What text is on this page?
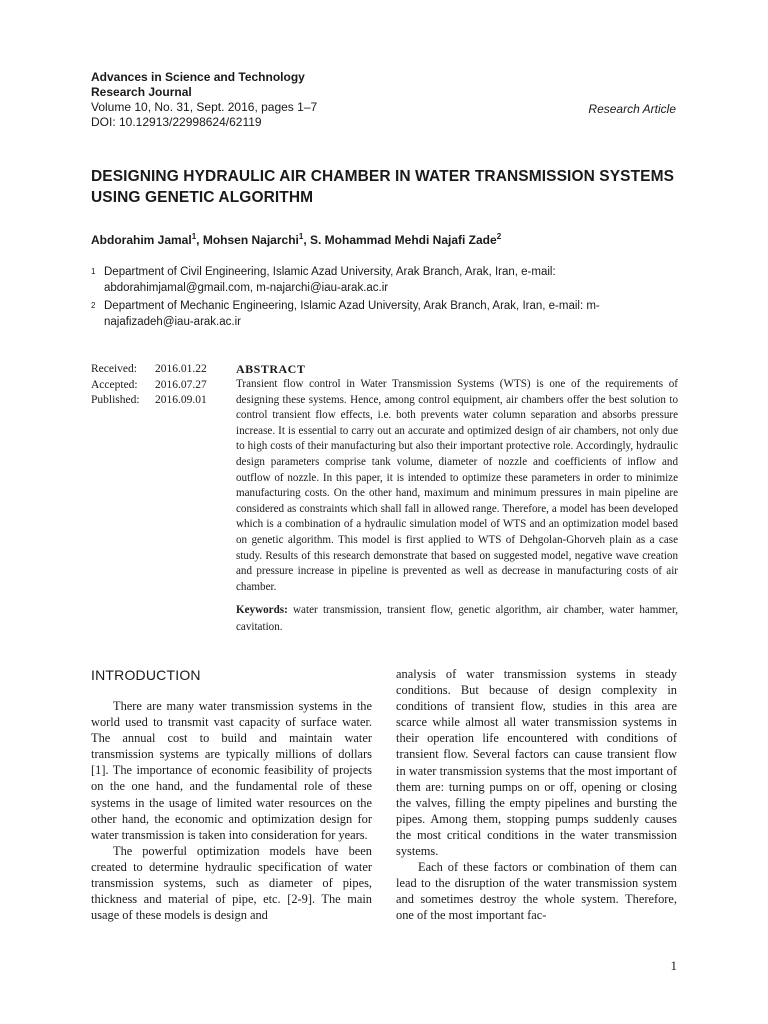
Advances in Science and Technology
Research Journal
Volume 10, No. 31, Sept. 2016, pages 1–7
DOI: 10.12913/22998624/62119
Research Article
DESIGNING HYDRAULIC AIR CHAMBER IN WATER TRANSMISSION SYSTEMS USING GENETIC ALGORITHM
Abdorahim Jamal$^1$, Mohsen Najarchi$^1$, S. Mohammad Mehdi Najafi Zade$^2$
1 Department of Civil Engineering, Islamic Azad University, Arak Branch, Arak, Iran, e-mail: abdorahimjamal@gmail.com, m-najarchi@iau-arak.ac.ir
2 Department of Mechanic Engineering, Islamic Azad University, Arak Branch, Arak, Iran, e-mail: m-najafizadeh@iau-arak.ac.ir
Received:	2016.01.22
Accepted:	2016.07.27
Published:	2016.09.01
ABSTRACT

Transient flow control in Water Transmission Systems (WTS) is one of the requirements of designing these systems. Hence, among control equipment, air chambers offer the best solution to control transient flow effects, i.e. both prevents water column separation and absorbs pressure increase. It is essential to carry out an accurate and optimized design of air chambers, not only due to high costs of their manufacturing but also their important protective role. Accordingly, hydraulic design parameters comprise tank volume, diameter of nozzle and coefficients of inflow and outflow of nozzle. In this paper, it is intended to optimize these parameters in order to minimize manufacturing costs. On the other hand, maximum and minimum pressures in main pipeline are considered as constraints which shall fall in allowed range. Therefore, a model has been developed which is a combination of a hydraulic simulation model of WTS and an optimization model based on genetic algorithm. This model is first applied to WTS of Dehgolan-Ghorveh plain as a case study. Results of this research demonstrate that based on suggested model, negative wave creation and pressure increase in pipeline is prevented as well as decrease in manufacturing costs of air chamber.

Keywords: water transmission, transient flow, genetic algorithm, air chamber, water hammer, cavitation.
INTRODUCTION

There are many water transmission systems in the world used to transmit vast capacity of surface water. The annual cost to build and maintain water transmission systems are typically millions of dollars [1]. The importance of economic feasibility of projects on the one hand, and the fundamental role of these systems in the usage of limited water resources on the other hand, the economic and optimization design for water transmission is taken into consideration for years.

The powerful optimization models have been created to determine hydraulic specification of water transmission systems, such as diameter of pipes, thickness and material of pipe, etc. [2-9]. The main usage of these models is design and

analysis of water transmission systems in steady conditions. But because of design complexity in conditions of transient flow, studies in this area are scarce while almost all water transmission systems in their operation life encountered with conditions of transient flow. Several factors can cause transient flow in water transmission systems that the most important of them are: turning pumps on or off, opening or closing the valves, filling the empty pipelines and bursting the pipes. Among them, stopping pumps suddenly causes the most critical conditions in the water transmission systems.

Each of these factors or combination of them can lead to the disruption of the water transmission system and sometimes destroy the whole system. Therefore, one of the most important fac-

1
